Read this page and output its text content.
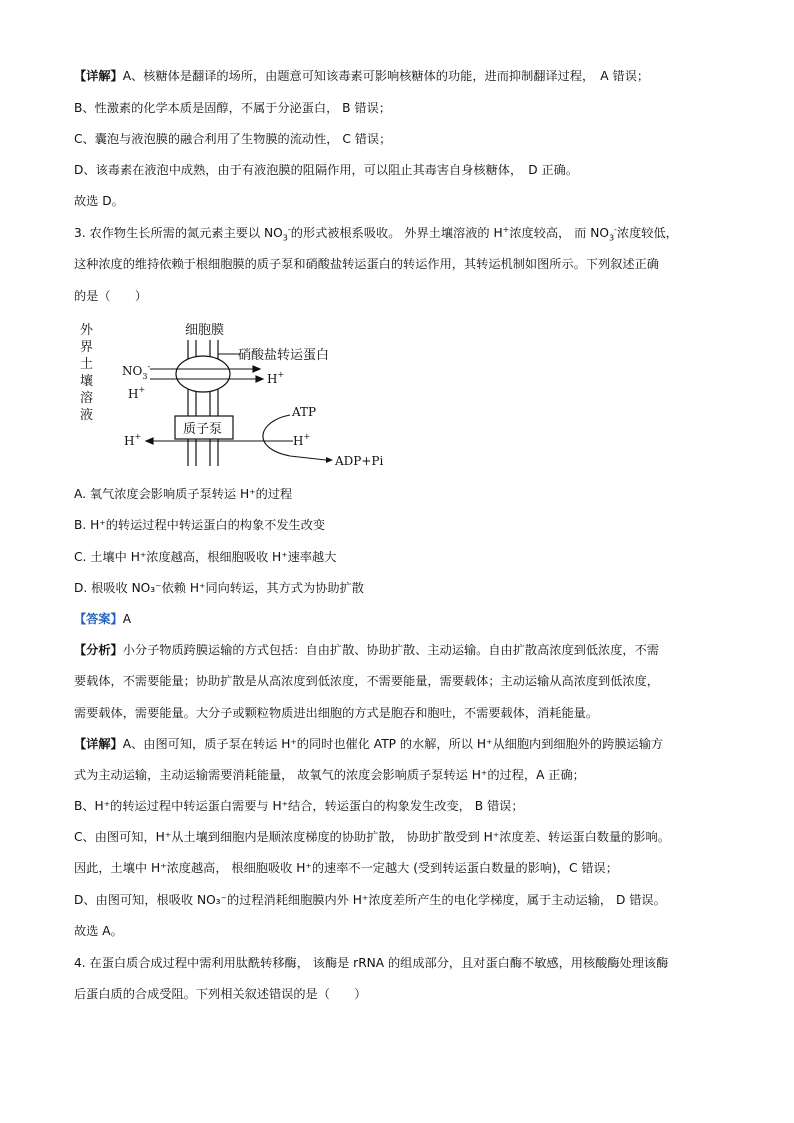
【详解】A、核糖体是翻译的场所，由题意可知该毒素可影响核糖体的功能，进而抑制翻译过程，　A 错误；
B、性激素的化学本质是固醇，不属于分泌蛋白， B 错误；
C、囊泡与液泡膜的融合利用了生物膜的流动性， C 错误；
D、该毒素在液泡中成熟，由于有液泡膜的阻隔作用，可以阻止其毒害自身核糖体，　D 正确。
故选 D。
3. 农作物生长所需的氮元素主要以 $NO_3^-$的形式被根系吸收。 外界土壤溶液的 H+浓度较高， 而 $NO_3^-$浓度较低，
这种浓度的维持依赖于根细胞膜的质子泵和硝酸盐转运蛋白的转运作用，其转运机制如图所示。下列叙述正确
的是（　　）
外
界
土
壤
溶
液
细胞膜
硝酸盐转运蛋白
$NO_3^-$
H+
H+
质子泵
H+	H+
ATP
ADP+Pi
A. 氧气浓度会影响质子泵转运 H⁺的过程
B. H⁺的转运过程中转运蛋白的构象不发生改变
C. 土壤中 H⁺浓度越高，根细胞吸收 H⁺速率越大
D. 根吸收 NO₃⁻依赖 H⁺同向转运，其方式为协助扩散
【答案】A
【分析】小分子物质跨膜运输的方式包括：自由扩散、协助扩散、主动运输。自由扩散高浓度到低浓度，不需
要载体，不需要能量；协助扩散是从高浓度到低浓度，不需要能量，需要载体；主动运输从高浓度到低浓度，
需要载体，需要能量。大分子或颗粒物质进出细胞的方式是胞吞和胞吐，不需要载体，消耗能量。
【详解】A、由图可知，质子泵在转运 H⁺的同时也催化 ATP 的水解，所以 H⁺从细胞内到细胞外的跨膜运输方
式为主动运输，主动运输需要消耗能量， 故氧气的浓度会影响质子泵转运 H⁺的过程，A 正确；
B、H⁺的转运过程中转运蛋白需要与 H⁺结合，转运蛋白的构象发生改变， B 错误；
C、由图可知，H⁺从土壤到细胞内是顺浓度梯度的协助扩散， 协助扩散受到 H⁺浓度差、转运蛋白数量的影响。
因此，土壤中 H⁺浓度越高， 根细胞吸收 H⁺的速率不一定越大 (受到转运蛋白数量的影响)，C 错误；
D、由图可知，根吸收 NO₃⁻的过程消耗细胞膜内外 H⁺浓度差所产生的电化学梯度，属于主动运输， D 错误。
故选 A。
4. 在蛋白质合成过程中需利用肽酰转移酶， 该酶是 rRNA 的组成部分，且对蛋白酶不敏感，用核酸酶处理该酶
后蛋白质的合成受阻。下列相关叙述错误的是（　　）
